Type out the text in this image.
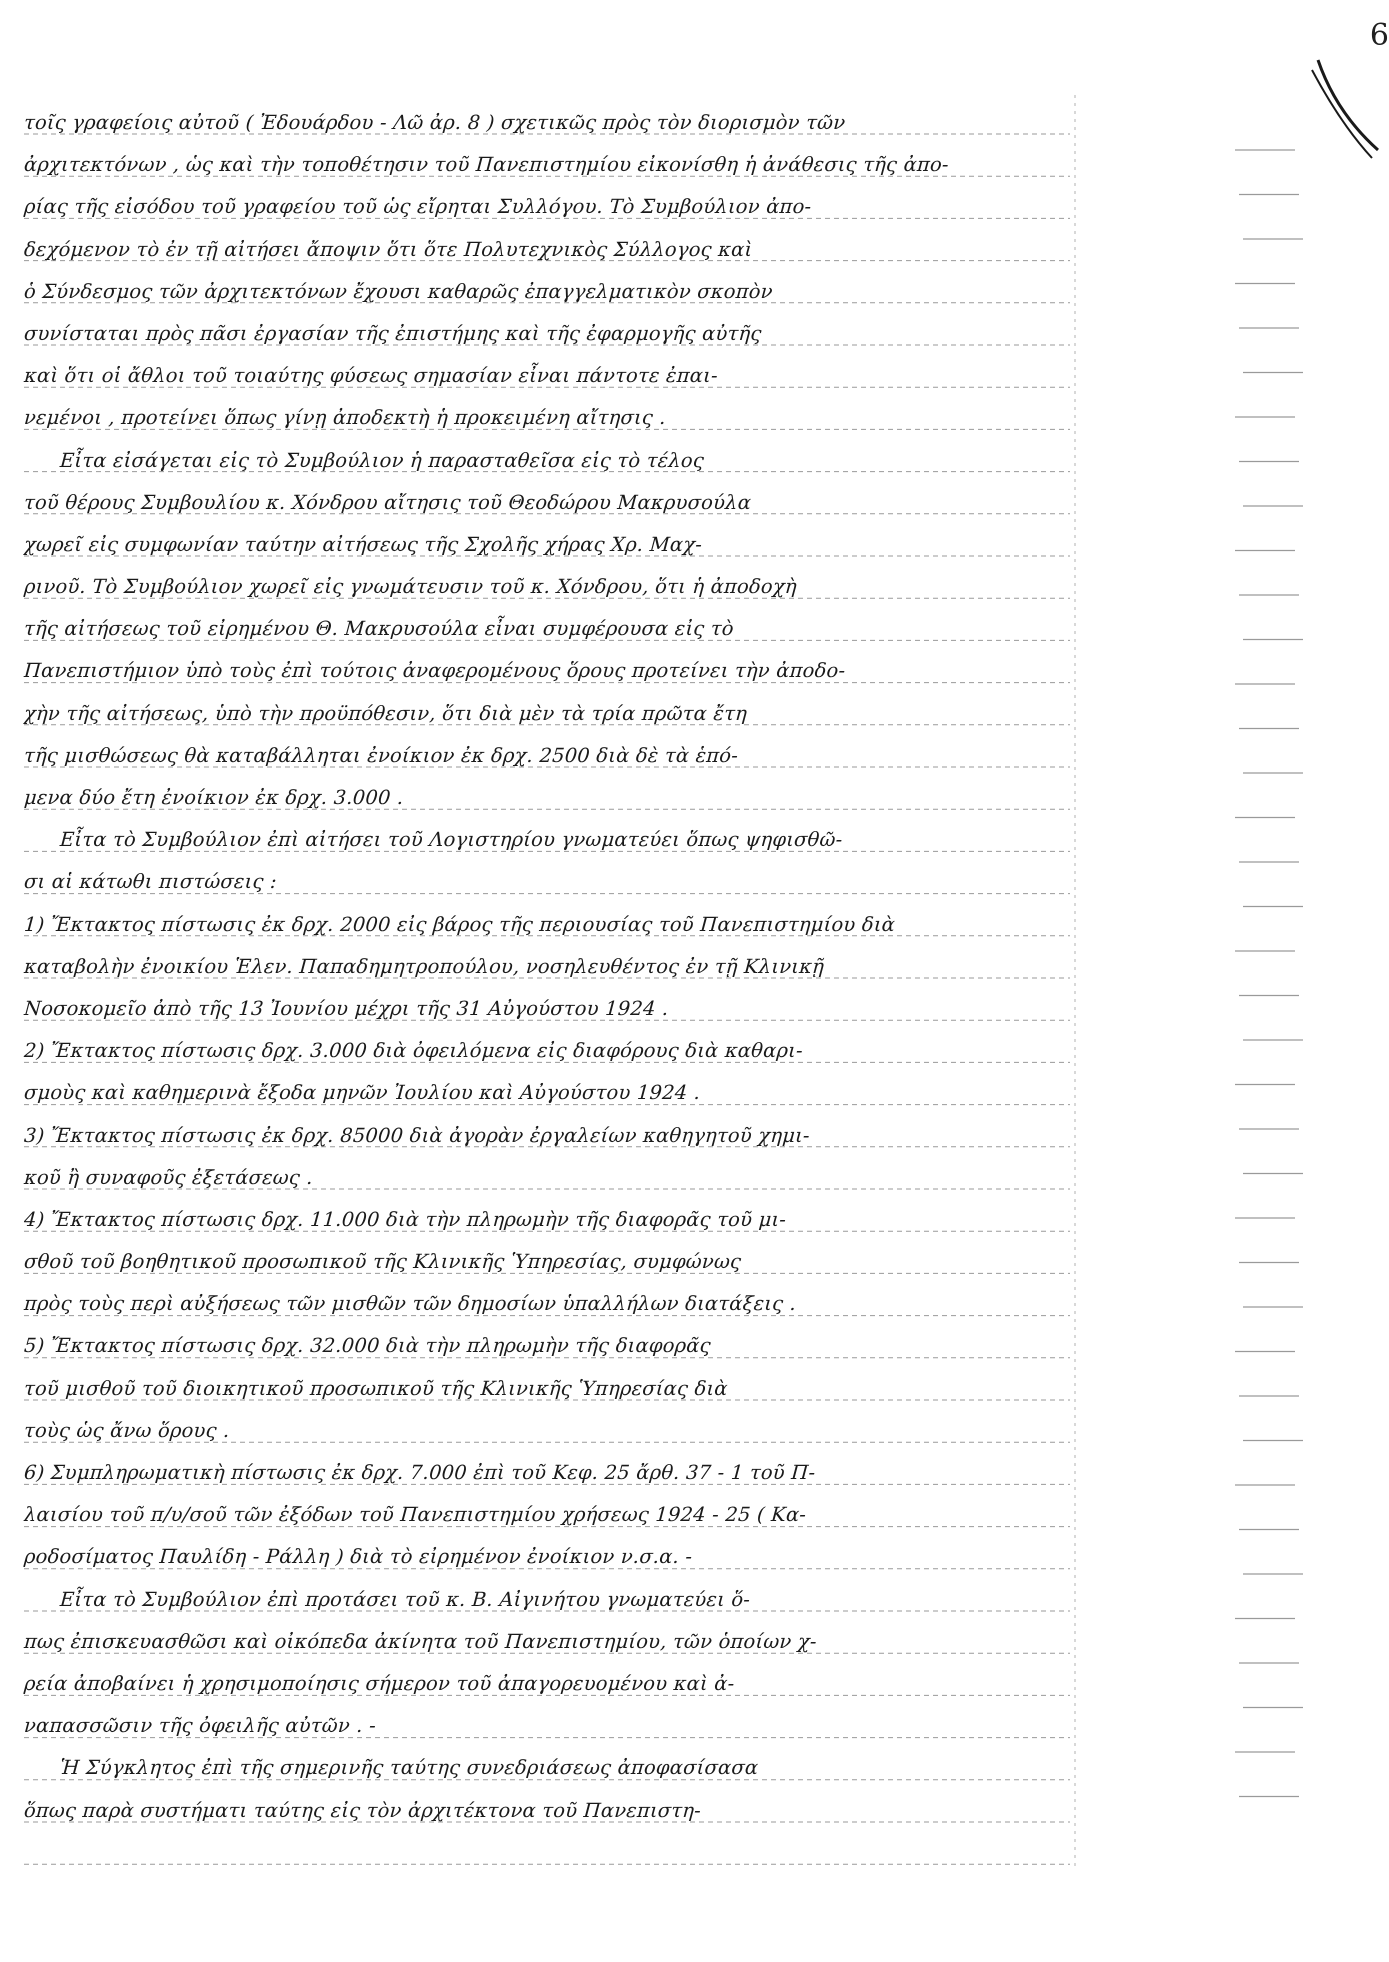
6
τοῖς γραφείοις αὐτοῦ ( Ἐδουάρδου - Λῶ ἀρ. 8 ) σχετικῶς πρὸς τὸν διορισμὸν τῶν
ἀρχιτεκτόνων , ὡς καὶ τὴν τοποθέτησιν τοῦ Πανεπιστημίου εἰκονίσθη ἡ ἀνάθεσις τῆς ἀπο-
ρίας τῆς εἰσόδου τοῦ γραφείου τοῦ ὡς εἴρηται Συλλόγου. Τὸ Συμβούλιον ἀπο-
δεχόμενον τὸ ἐν τῇ αἰτήσει ἄποψιν ὅτι ὅτε Πολυτεχνικὸς Σύλλογος καὶ
ὁ Σύνδεσμος τῶν ἀρχιτεκτόνων ἔχουσι καθαρῶς ἐπαγγελματικὸν σκοπὸν
συνίσταται πρὸς πᾶσι ἐργασίαν τῆς ἐπιστήμης καὶ τῆς ἐφαρμογῆς αὐτῆς
καὶ ὅτι οἱ ἄθλοι τοῦ τοιαύτης φύσεως σημασίαν εἶναι πάντοτε ἐπαι-
νεμένοι , προτείνει ὅπως γίνῃ ἀποδεκτὴ ἡ προκειμένη αἴτησις .
Εἶτα εἰσάγεται εἰς τὸ Συμβούλιον ἡ παρασταθεῖσα εἰς τὸ τέλος
τοῦ θέρους Συμβουλίου κ. Χόνδρου αἴτησις τοῦ Θεοδώρου Μακρυσούλα
χωρεῖ εἰς συμφωνίαν ταύτην αἰτήσεως τῆς Σχολῆς χήρας Χρ. Μαχ-
ρινοῦ. Τὸ Συμβούλιον χωρεῖ εἰς γνωμάτευσιν τοῦ κ. Χόνδρου, ὅτι ἡ ἀποδοχὴ
τῆς αἰτήσεως τοῦ εἰρημένου Θ. Μακρυσούλα εἶναι συμφέρουσα εἰς τὸ
Πανεπιστήμιον ὑπὸ τοὺς ἐπὶ τούτοις ἀναφερομένους ὅρους προτείνει τὴν ἀποδο-
χὴν τῆς αἰτήσεως, ὑπὸ τὴν προϋπόθεσιν, ὅτι διὰ μὲν τὰ τρία πρῶτα ἔτη
τῆς μισθώσεως θὰ καταβάλληται ἐνοίκιον ἐκ δρχ. 2500 διὰ δὲ τὰ ἑπό-
μενα δύο ἔτη ἐνοίκιον ἐκ δρχ. 3.000 .
Εἶτα τὸ Συμβούλιον ἐπὶ αἰτήσει τοῦ Λογιστηρίου γνωματεύει ὅπως ψηφισθῶ-
σι αἱ κάτωθι πιστώσεις :
1) Ἔκτακτος πίστωσις ἐκ δρχ. 2000 εἰς βάρος τῆς περιουσίας τοῦ Πανεπιστημίου διὰ
καταβολὴν ἐνοικίου Ἑλεν. Παπαδημητροπούλου, νοσηλευθέντος ἐν τῇ Κλινικῇ
Νοσοκομεῖο ἀπὸ τῆς 13 Ἰουνίου μέχρι τῆς 31 Αὐγούστου 1924 .
2) Ἔκτακτος πίστωσις δρχ. 3.000 διὰ ὀφειλόμενα εἰς διαφόρους διὰ καθαρι-
σμοὺς καὶ καθημερινὰ ἔξοδα μηνῶν Ἰουλίου καὶ Αὐγούστου 1924 .
3) Ἔκτακτος πίστωσις ἐκ δρχ. 85000 διὰ ἀγορὰν ἐργαλείων καθηγητοῦ χημι-
κοῦ ἢ συναφοῦς ἐξετάσεως .
4) Ἔκτακτος πίστωσις δρχ. 11.000 διὰ τὴν πληρωμὴν τῆς διαφορᾶς τοῦ μι-
σθοῦ τοῦ βοηθητικοῦ προσωπικοῦ τῆς Κλινικῆς Ὑπηρεσίας, συμφώνως
πρὸς τοὺς περὶ αὐξήσεως τῶν μισθῶν τῶν δημοσίων ὑπαλλήλων διατάξεις .
5) Ἔκτακτος πίστωσις δρχ. 32.000 διὰ τὴν πληρωμὴν τῆς διαφορᾶς
τοῦ μισθοῦ τοῦ διοικητικοῦ προσωπικοῦ τῆς Κλινικῆς Ὑπηρεσίας διὰ
τοὺς ὡς ἄνω ὅρους .
6) Συμπληρωματικὴ πίστωσις ἐκ δρχ. 7.000 ἐπὶ τοῦ Κεφ. 25 ἄρθ. 37 - 1 τοῦ Π-
λαισίου τοῦ π/υ/σοῦ τῶν ἐξόδων τοῦ Πανεπιστημίου χρήσεως 1924 - 25 ( Κα-
ροδοσίματος Παυλίδη - Ράλλη ) διὰ τὸ εἰρημένον ἐνοίκιον ν.σ.α. -
Εἶτα τὸ Συμβούλιον ἐπὶ προτάσει τοῦ κ. Β. Αἰγινήτου γνωματεύει ὅ-
πως ἐπισκευασθῶσι καὶ οἰκόπεδα ἀκίνητα τοῦ Πανεπιστημίου, τῶν ὁποίων χ-
ρεία ἀποβαίνει ἡ χρησιμοποίησις σήμερον τοῦ ἀπαγορευομένου καὶ ἀ-
ναπασσῶσιν τῆς ὀφειλῆς αὐτῶν . -
Ἡ Σύγκλητος ἐπὶ τῆς σημερινῆς ταύτης συνεδριάσεως ἀποφασίσασα
ὅπως παρὰ συστήματι ταύτης εἰς τὸν ἀρχιτέκτονα τοῦ Πανεπιστη-
